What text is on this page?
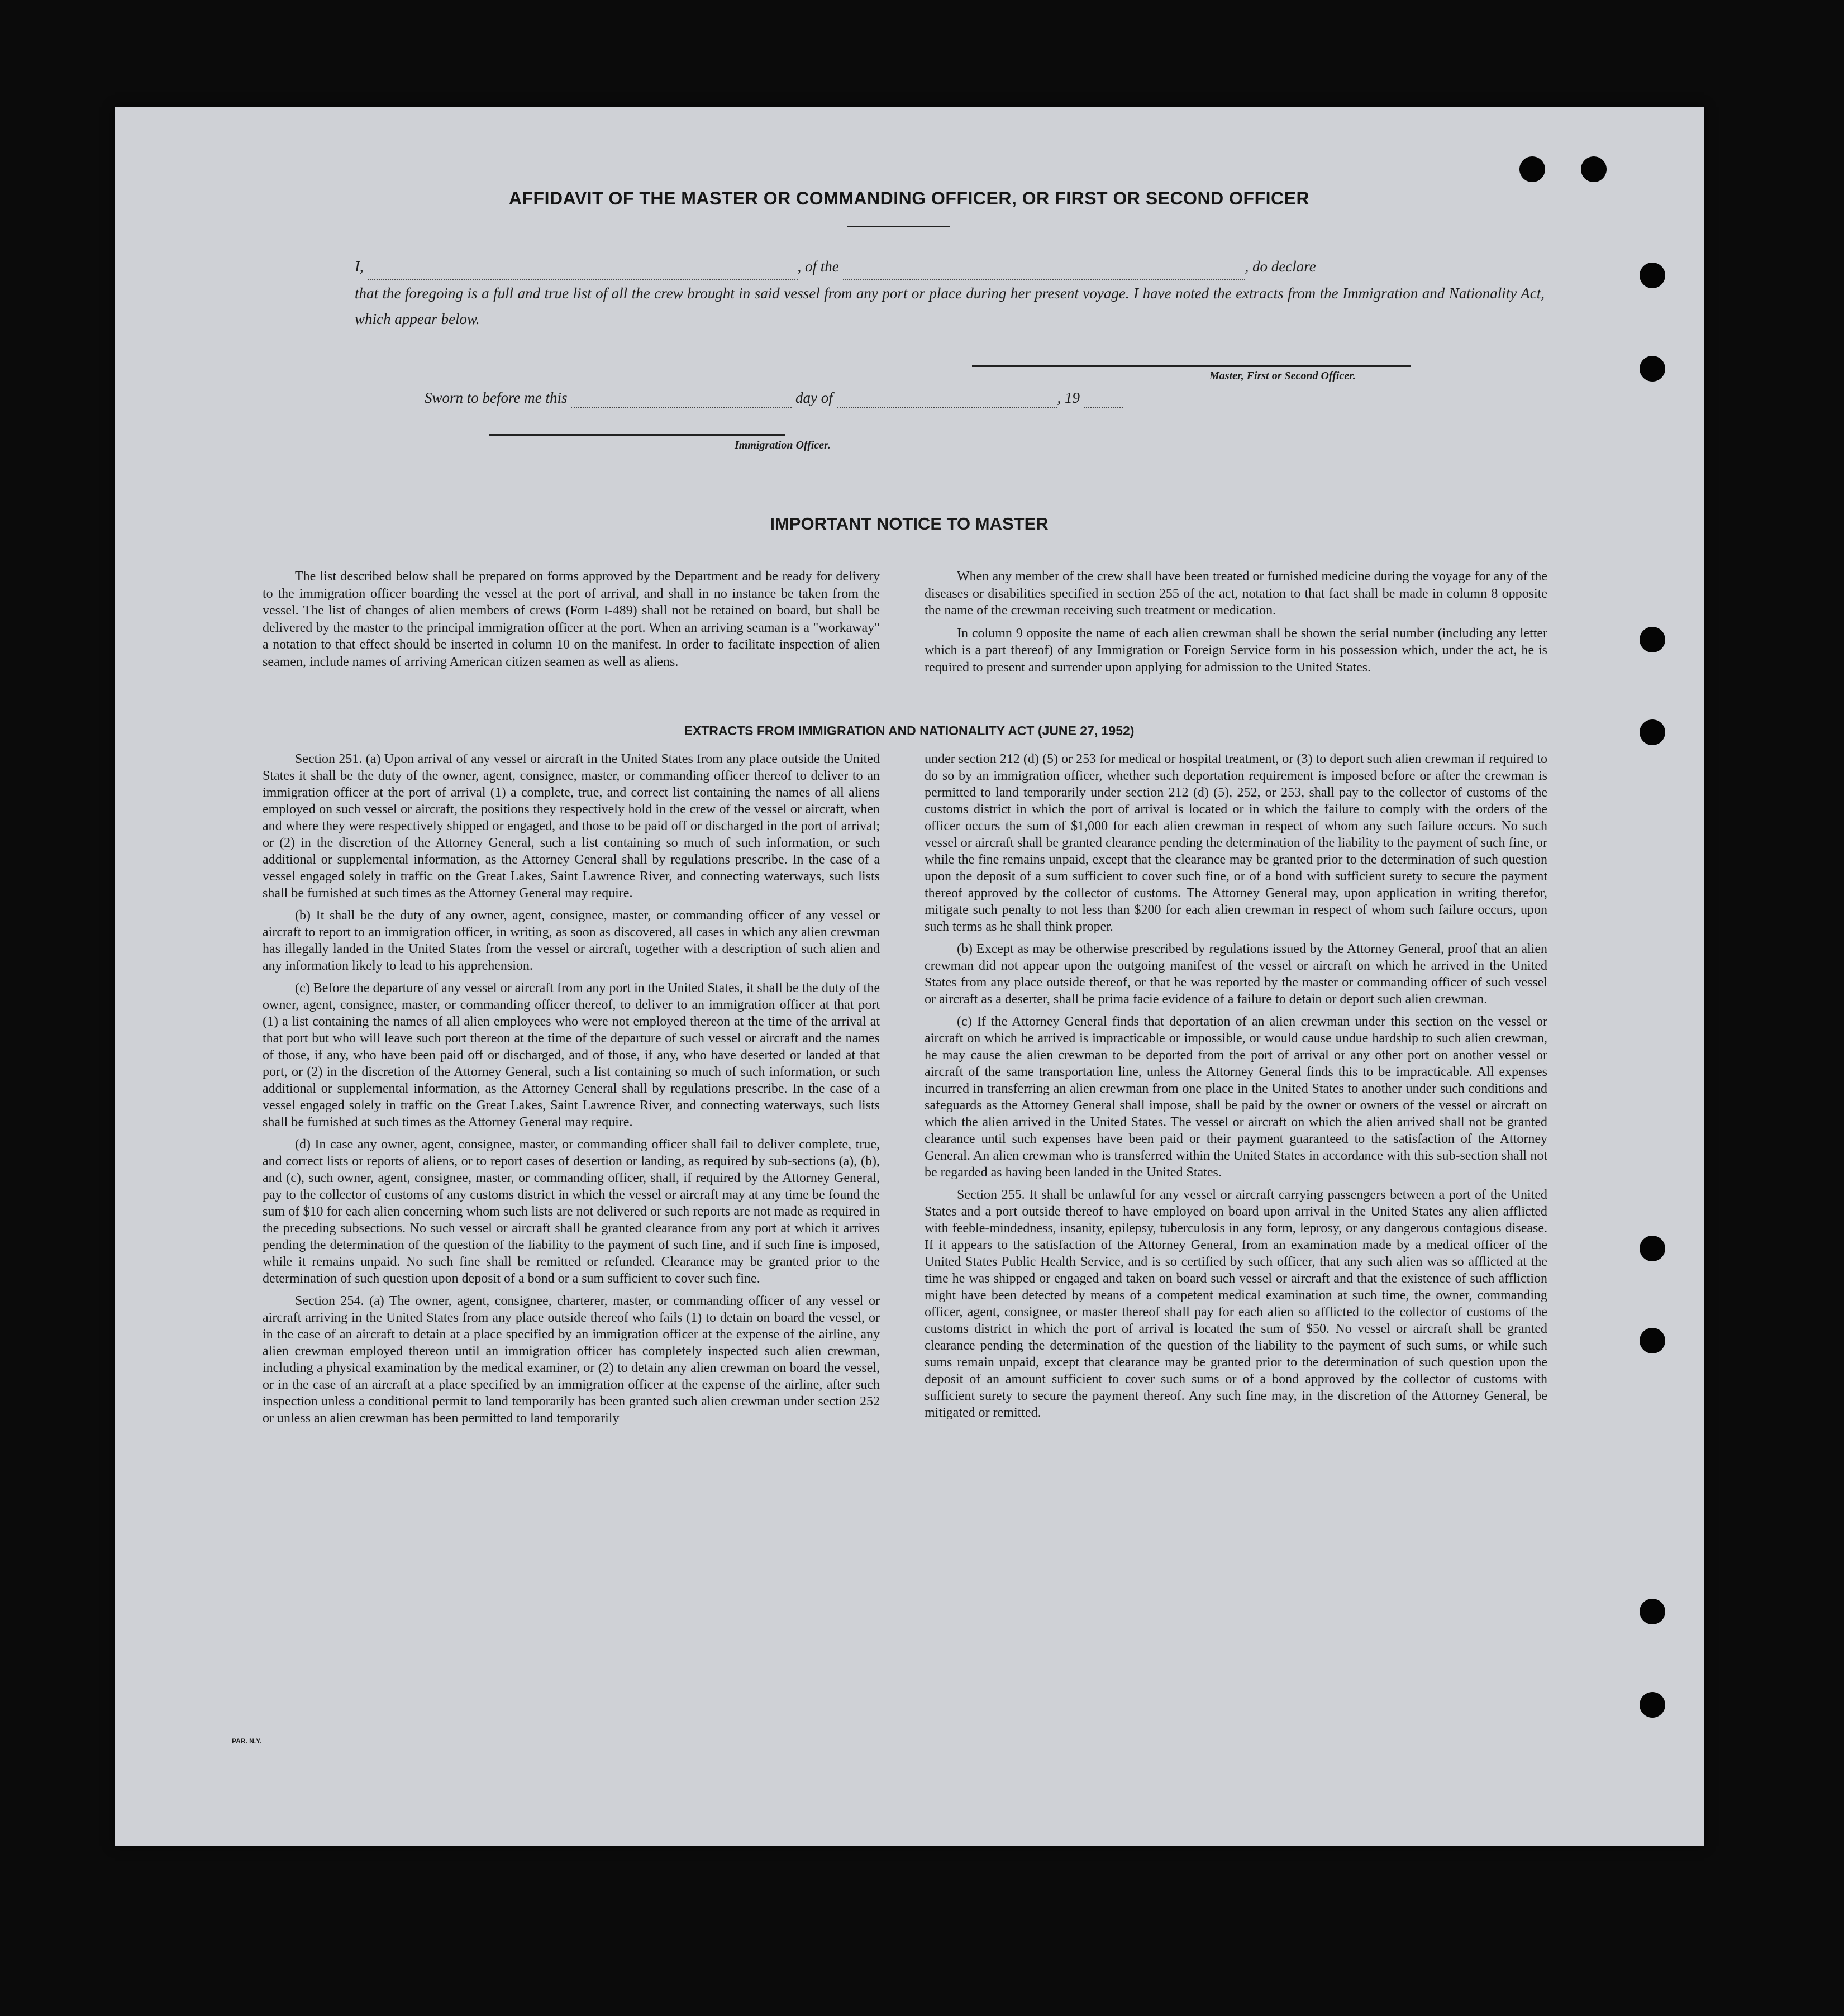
AFFIDAVIT OF THE MASTER OR COMMANDING OFFICER, OR FIRST OR SECOND OFFICER
I,	, of the	, do declare
that the foregoing is a full and true list of all the crew brought in said vessel from any port or place during her present voyage. I have noted the extracts from the Immigration and Nationality Act, which appear below.
Master, First or Second Officer.
Sworn to before me this	day of	, 19
Immigration Officer.
IMPORTANT NOTICE TO MASTER

The list described below shall be prepared on forms approved by the Department and be ready for delivery to the immigration officer boarding the vessel at the port of arrival, and shall in no instance be taken from the vessel. The list of changes of alien members of crews (Form I-489) shall not be retained on board, but shall be delivered by the master to the principal immigration officer at the port. When an arriving seaman is a "workaway" a notation to that effect should be inserted in column 10 on the manifest. In order to facilitate inspection of alien seamen, include names of arriving American citizen seamen as well as aliens.

When any member of the crew shall have been treated or furnished medicine during the voyage for any of the diseases or disabilities specified in section 255 of the act, notation to that fact shall be made in column 8 opposite the name of the crewman receiving such treatment or medication.

In column 9 opposite the name of each alien crewman shall be shown the serial number (including any letter which is a part thereof) of any Immigration or Foreign Service form in his possession which, under the act, he is required to present and surrender upon applying for admission to the United States.

EXTRACTS FROM IMMIGRATION AND NATIONALITY ACT (JUNE 27, 1952)

Section 251. (a) Upon arrival of any vessel or aircraft in the United States from any place outside the United States it shall be the duty of the owner, agent, consignee, master, or commanding officer thereof to deliver to an immigration officer at the port of arrival (1) a complete, true, and correct list containing the names of all aliens employed on such vessel or aircraft, the positions they respectively hold in the crew of the vessel or aircraft, when and where they were respectively shipped or engaged, and those to be paid off or discharged in the port of arrival; or (2) in the discretion of the Attorney General, such a list containing so much of such information, or such additional or supplemental information, as the Attorney General shall by regulations prescribe. In the case of a vessel engaged solely in traffic on the Great Lakes, Saint Lawrence River, and connecting waterways, such lists shall be furnished at such times as the Attorney General may require.

(b) It shall be the duty of any owner, agent, consignee, master, or commanding officer of any vessel or aircraft to report to an immigration officer, in writing, as soon as discovered, all cases in which any alien crewman has illegally landed in the United States from the vessel or aircraft, together with a description of such alien and any information likely to lead to his apprehension.

(c) Before the departure of any vessel or aircraft from any port in the United States, it shall be the duty of the owner, agent, consignee, master, or commanding officer thereof, to deliver to an immigration officer at that port (1) a list containing the names of all alien employees who were not employed thereon at the time of the arrival at that port but who will leave such port thereon at the time of the departure of such vessel or aircraft and the names of those, if any, who have been paid off or discharged, and of those, if any, who have deserted or landed at that port, or (2) in the discretion of the Attorney General, such a list containing so much of such information, or such additional or supplemental information, as the Attorney General shall by regulations prescribe. In the case of a vessel engaged solely in traffic on the Great Lakes, Saint Lawrence River, and connecting waterways, such lists shall be furnished at such times as the Attorney General may require.

(d) In case any owner, agent, consignee, master, or commanding officer shall fail to deliver complete, true, and correct lists or reports of aliens, or to report cases of desertion or landing, as required by sub-sections (a), (b), and (c), such owner, agent, consignee, master, or commanding officer, shall, if required by the Attorney General, pay to the collector of customs of any customs district in which the vessel or aircraft may at any time be found the sum of $10 for each alien concerning whom such lists are not delivered or such reports are not made as required in the preceding subsections. No such vessel or aircraft shall be granted clearance from any port at which it arrives pending the determination of the question of the liability to the payment of such fine, and if such fine is imposed, while it remains unpaid. No such fine shall be remitted or refunded. Clearance may be granted prior to the determination of such question upon deposit of a bond or a sum sufficient to cover such fine.

Section 254. (a) The owner, agent, consignee, charterer, master, or commanding officer of any vessel or aircraft arriving in the United States from any place outside thereof who fails (1) to detain on board the vessel, or in the case of an aircraft to detain at a place specified by an immigration officer at the expense of the airline, any alien crewman employed thereon until an immigration officer has completely inspected such alien crewman, including a physical examination by the medical examiner, or (2) to detain any alien crewman on board the vessel, or in the case of an aircraft at a place specified by an immigration officer at the expense of the airline, after such inspection unless a conditional permit to land temporarily has been granted such alien crewman under section 252 or unless an alien crewman has been permitted to land temporarily

under section 212 (d) (5) or 253 for medical or hospital treatment, or (3) to deport such alien crewman if required to do so by an immigration officer, whether such deportation requirement is imposed before or after the crewman is permitted to land temporarily under section 212 (d) (5), 252, or 253, shall pay to the collector of customs of the customs district in which the port of arrival is located or in which the failure to comply with the orders of the officer occurs the sum of $1,000 for each alien crewman in respect of whom any such failure occurs. No such vessel or aircraft shall be granted clearance pending the determination of the liability to the payment of such fine, or while the fine remains unpaid, except that the clearance may be granted prior to the determination of such question upon the deposit of a sum sufficient to cover such fine, or of a bond with sufficient surety to secure the payment thereof approved by the collector of customs. The Attorney General may, upon application in writing therefor, mitigate such penalty to not less than $200 for each alien crewman in respect of whom such failure occurs, upon such terms as he shall think proper.

(b) Except as may be otherwise prescribed by regulations issued by the Attorney General, proof that an alien crewman did not appear upon the outgoing manifest of the vessel or aircraft on which he arrived in the United States from any place outside thereof, or that he was reported by the master or commanding officer of such vessel or aircraft as a deserter, shall be prima facie evidence of a failure to detain or deport such alien crewman.

(c) If the Attorney General finds that deportation of an alien crewman under this section on the vessel or aircraft on which he arrived is impracticable or impossible, or would cause undue hardship to such alien crewman, he may cause the alien crewman to be deported from the port of arrival or any other port on another vessel or aircraft of the same transportation line, unless the Attorney General finds this to be impracticable. All expenses incurred in transferring an alien crewman from one place in the United States to another under such conditions and safeguards as the Attorney General shall impose, shall be paid by the owner or owners of the vessel or aircraft on which the alien arrived in the United States. The vessel or aircraft on which the alien arrived shall not be granted clearance until such expenses have been paid or their payment guaranteed to the satisfaction of the Attorney General. An alien crewman who is transferred within the United States in accordance with this sub-section shall not be regarded as having been landed in the United States.

Section 255. It shall be unlawful for any vessel or aircraft carrying passengers between a port of the United States and a port outside thereof to have employed on board upon arrival in the United States any alien afflicted with feeble-mindedness, insanity, epilepsy, tuberculosis in any form, leprosy, or any dangerous contagious disease. If it appears to the satisfaction of the Attorney General, from an examination made by a medical officer of the United States Public Health Service, and is so certified by such officer, that any such alien was so afflicted at the time he was shipped or engaged and taken on board such vessel or aircraft and that the existence of such affliction might have been detected by means of a competent medical examination at such time, the owner, commanding officer, agent, consignee, or master thereof shall pay for each alien so afflicted to the collector of customs of the customs district in which the port of arrival is located the sum of $50. No vessel or aircraft shall be granted clearance pending the determination of the question of the liability to the payment of such sums, or while such sums remain unpaid, except that clearance may be granted prior to the determination of such question upon the deposit of an amount sufficient to cover such sums or of a bond approved by the collector of customs with sufficient surety to secure the payment thereof. Any such fine may, in the discretion of the Attorney General, be mitigated or remitted.

PAR. N.Y.
